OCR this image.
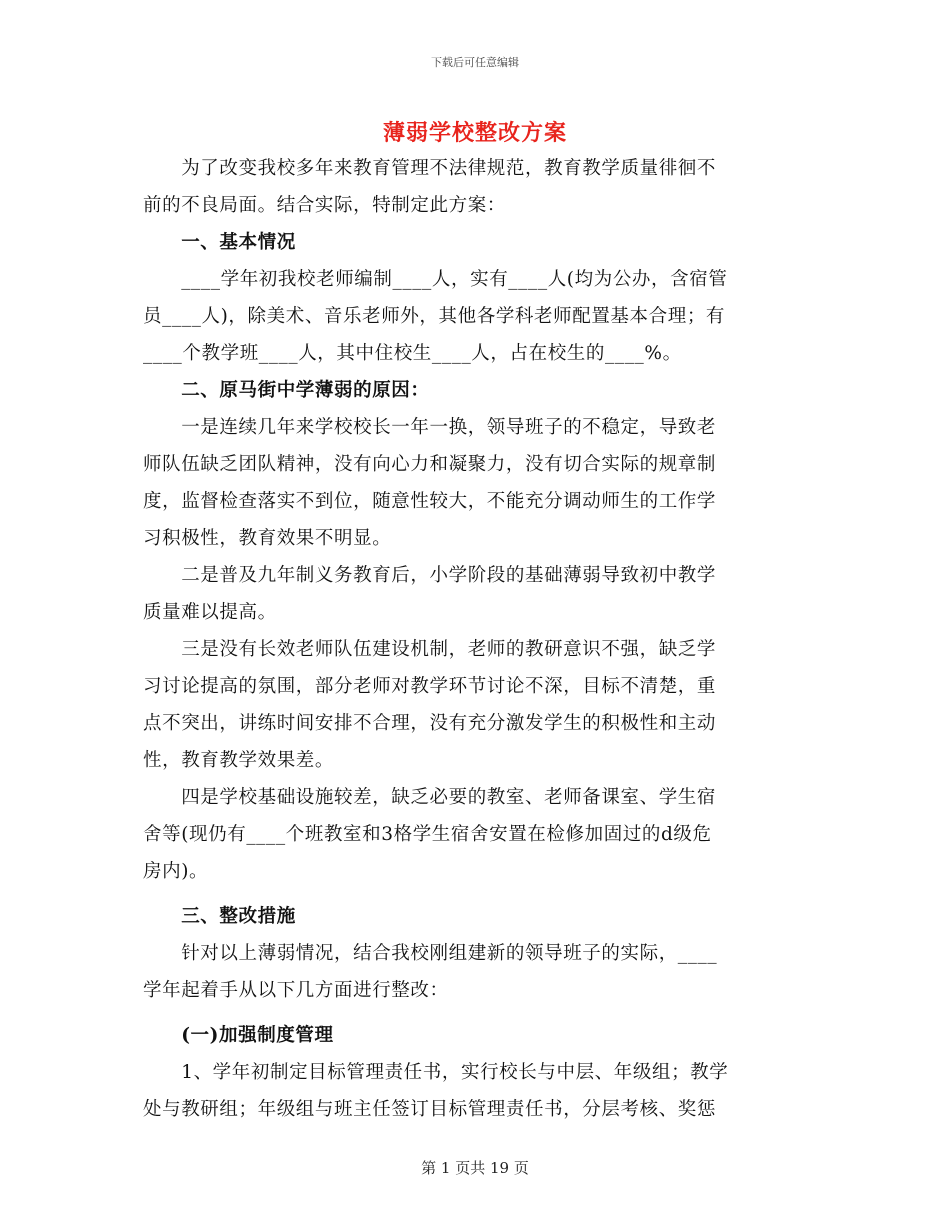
下载后可任意编辑
薄弱学校整改方案
　　为了改变我校多年来教育管理不法律规范，教育教学质量徘徊不
前的不良局面。结合实际，特制定此方案：
　　一、基本情况
　　____学年初我校老师编制____人，实有____人(均为公办，含宿管
员____人)，除美术、音乐老师外，其他各学科老师配置基本合理；有
____个教学班____人，其中住校生____人，占在校生的____%。
　　二、原马街中学薄弱的原因：
　　一是连续几年来学校校长一年一换，领导班子的不稳定，导致老
师队伍缺乏团队精神，没有向心力和凝聚力，没有切合实际的规章制
度，监督检查落实不到位，随意性较大，不能充分调动师生的工作学
习积极性，教育效果不明显。
　　二是普及九年制义务教育后，小学阶段的基础薄弱导致初中教学
质量难以提高。
　　三是没有长效老师队伍建设机制，老师的教研意识不强，缺乏学
习讨论提高的氛围，部分老师对教学环节讨论不深，目标不清楚，重
点不突出，讲练时间安排不合理，没有充分激发学生的积极性和主动
性，教育教学效果差。
　　四是学校基础设施较差，缺乏必要的教室、老师备课室、学生宿
舍等(现仍有____个班教室和3格学生宿舍安置在检修加固过的d级危
房内)。
　　三、整改措施
　　针对以上薄弱情况，结合我校刚组建新的领导班子的实际，____
学年起着手从以下几方面进行整改：
　　(一)加强制度管理
　　1、学年初制定目标管理责任书，实行校长与中层、年级组；教学
处与教研组；年级组与班主任签订目标管理责任书，分层考核、奖惩
第 1 页共 19 页
